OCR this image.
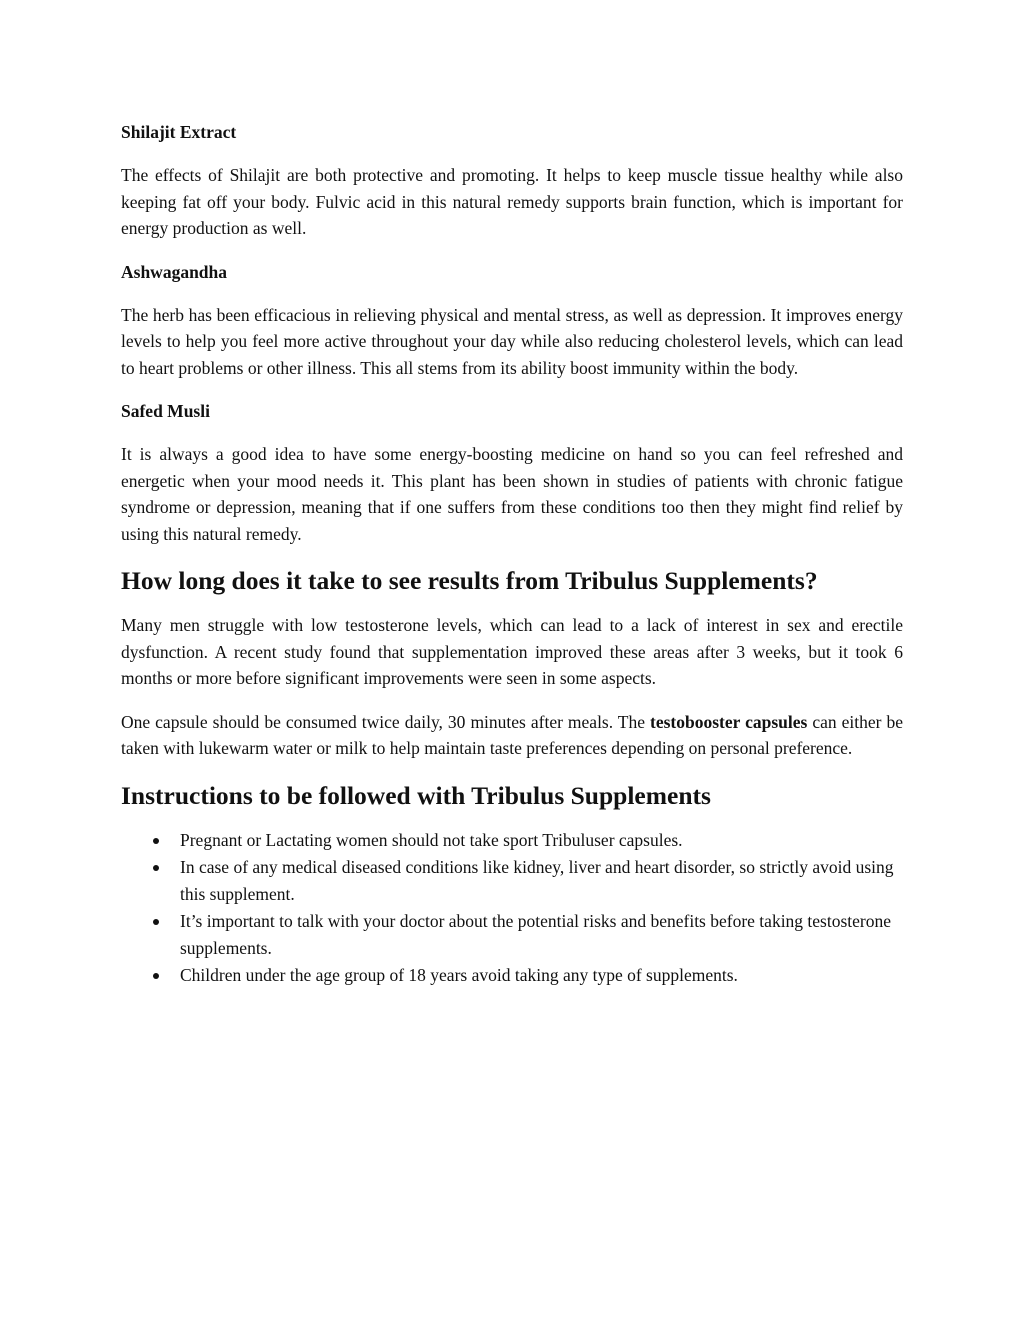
Shilajit Extract
The effects of Shilajit are both protective and promoting. It helps to keep muscle tissue healthy while also keeping fat off your body. Fulvic acid in this natural remedy supports brain function, which is important for energy production as well.
Ashwagandha
The herb has been efficacious in relieving physical and mental stress, as well as depression. It improves energy levels to help you feel more active throughout your day while also reducing cholesterol levels, which can lead to heart problems or other illness. This all stems from its ability boost immunity within the body.
Safed Musli
It is always a good idea to have some energy-boosting medicine on hand so you can feel refreshed and energetic when your mood needs it. This plant has been shown in studies of patients with chronic fatigue syndrome or depression, meaning that if one suffers from these conditions too then they might find relief by using this natural remedy.
How long does it take to see results from Tribulus Supplements?
Many men struggle with low testosterone levels, which can lead to a lack of interest in sex and erectile dysfunction. A recent study found that supplementation improved these areas after 3 weeks, but it took 6 months or more before significant improvements were seen in some aspects.
One capsule should be consumed twice daily, 30 minutes after meals. The testobooster capsules can either be taken with lukewarm water or milk to help maintain taste preferences depending on personal preference.
Instructions to be followed with Tribulus Supplements
Pregnant or Lactating women should not take sport Tribuluser capsules.
In case of any medical diseased conditions like kidney, liver and heart disorder, so strictly avoid using this supplement.
It’s important to talk with your doctor about the potential risks and benefits before taking testosterone supplements.
Children under the age group of 18 years avoid taking any type of supplements.
